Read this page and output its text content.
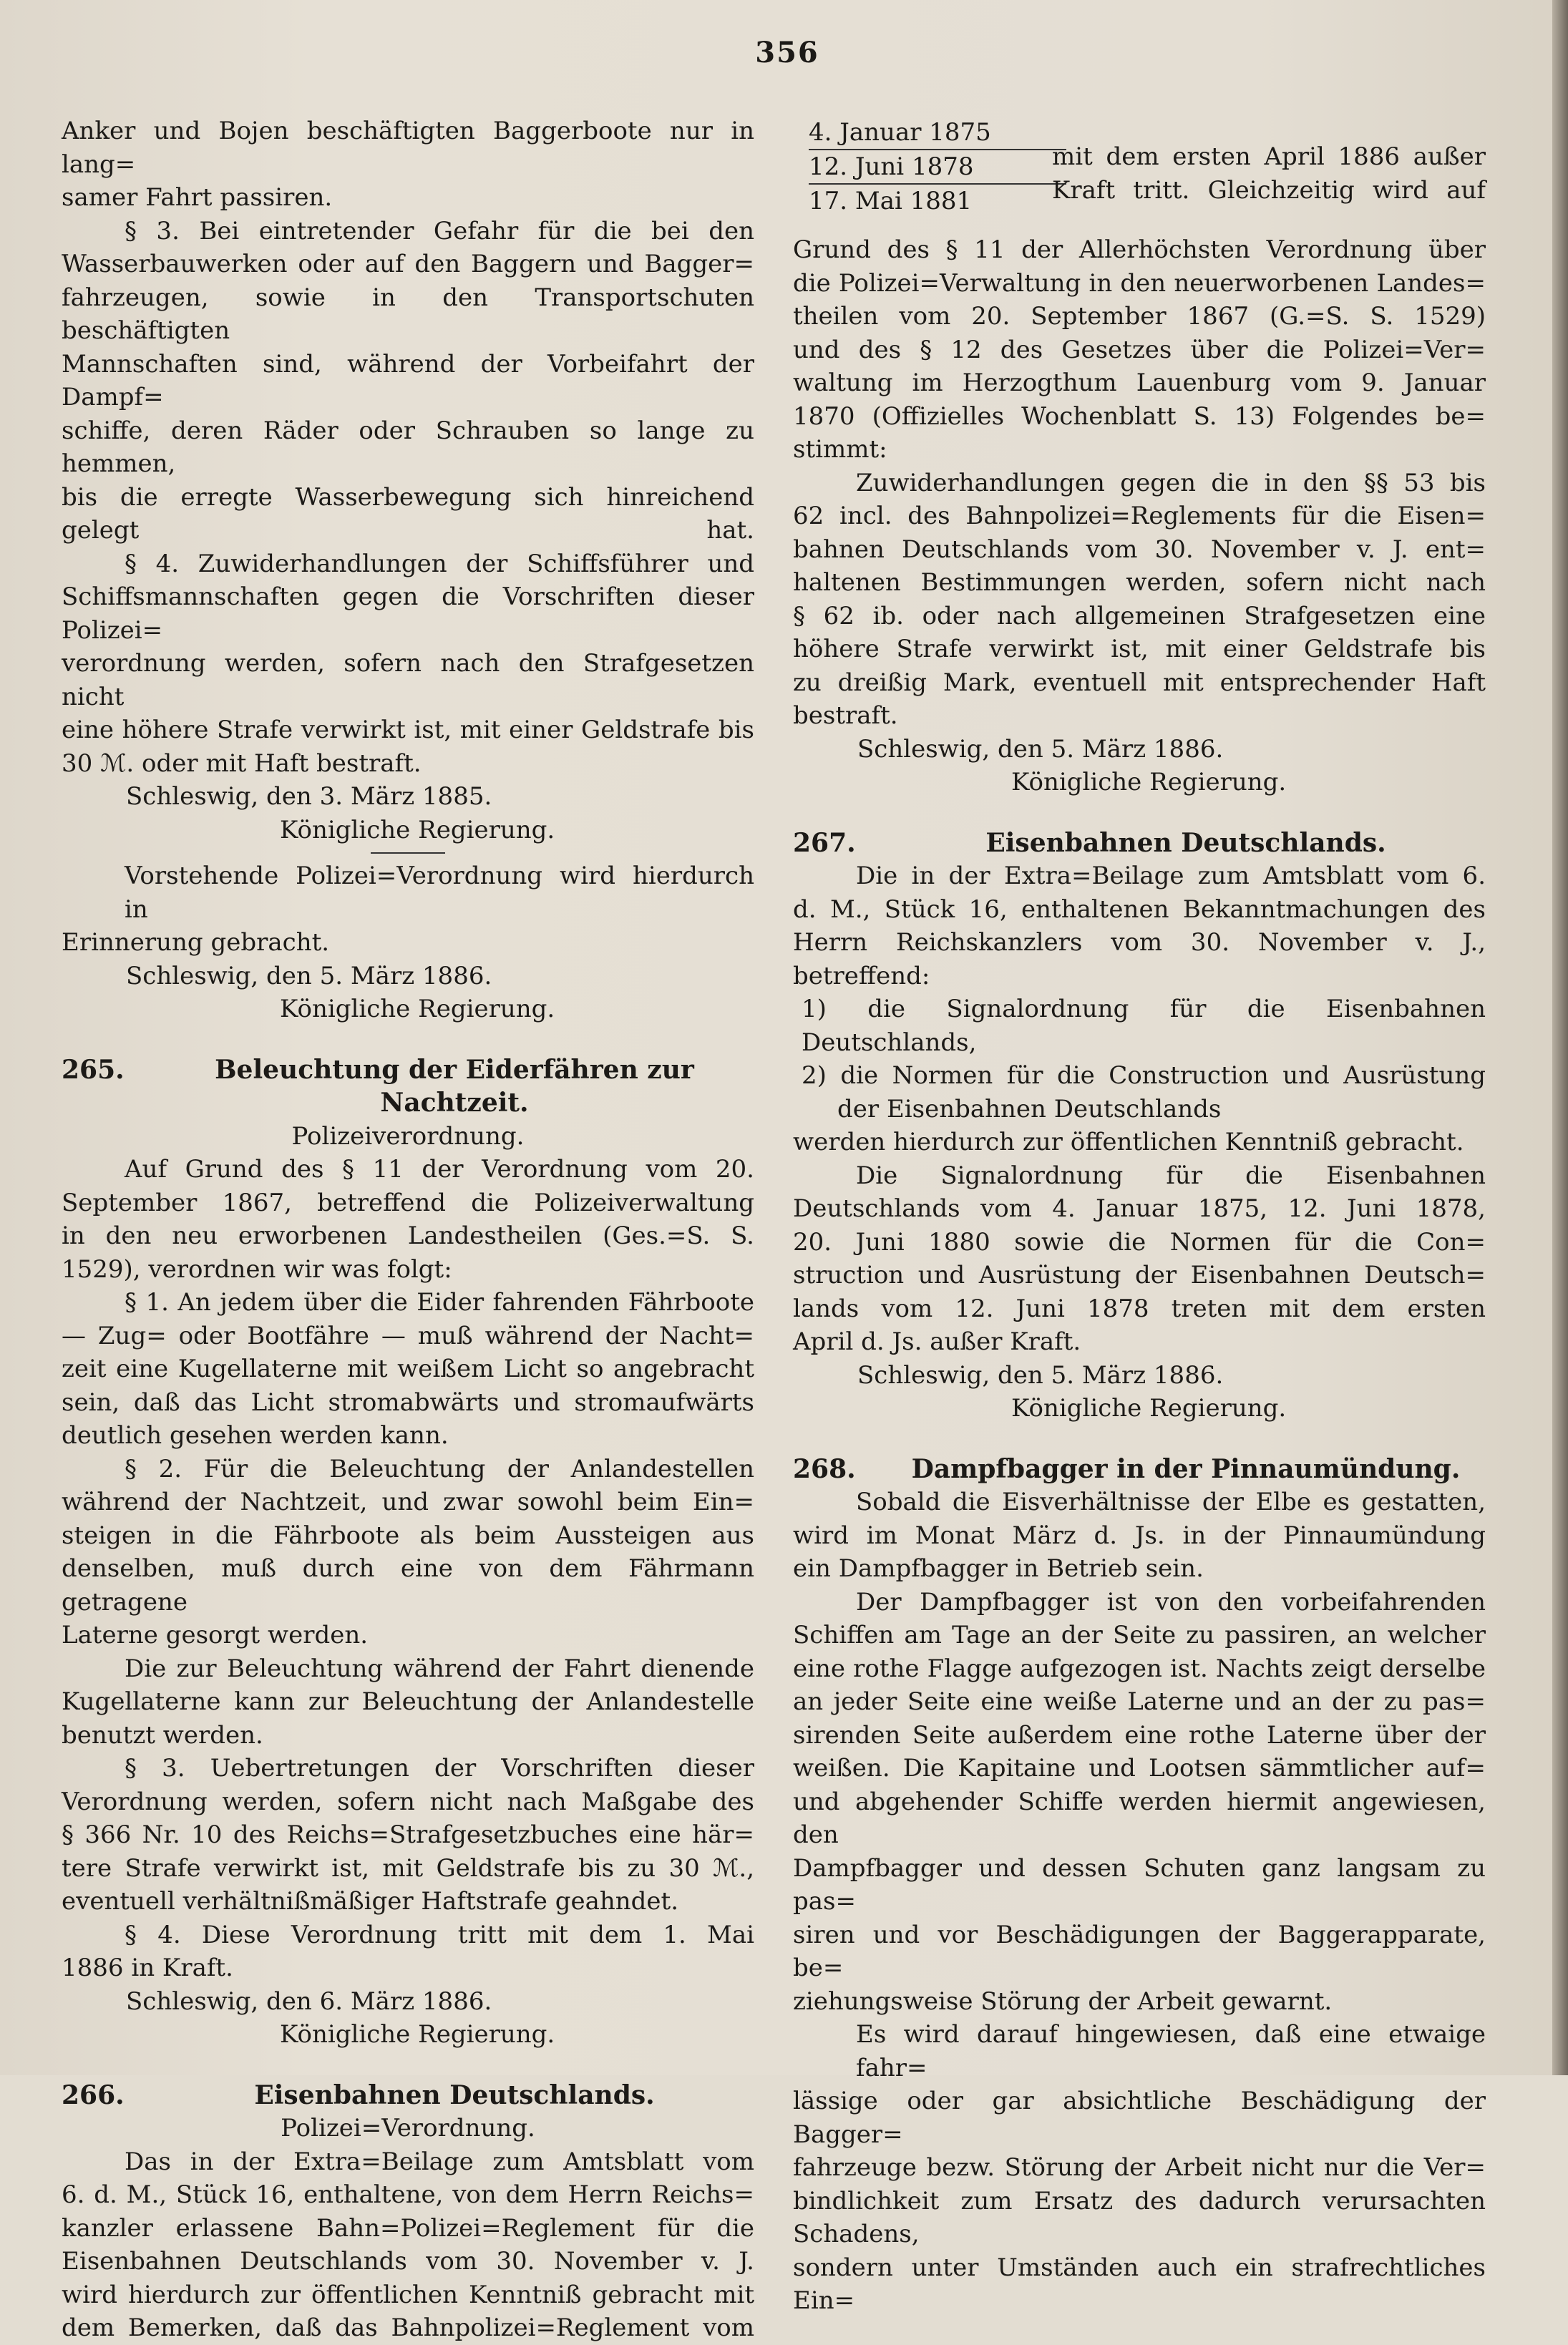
356
Anker und Bojen beschäftigten Baggerboote nur in lang=
samer Fahrt passiren.
§ 3. Bei eintretender Gefahr für die bei den
Wasserbauwerken oder auf den Baggern und Bagger=
fahrzeugen, sowie in den Transportschuten beschäftigten
Mannschaften sind, während der Vorbeifahrt der Dampf=
schiffe, deren Räder oder Schrauben so lange zu hemmen,
bis die erregte Wasserbewegung sich hinreichend gelegt hat.
§ 4. Zuwiderhandlungen der Schiffsführer und
Schiffsmannschaften gegen die Vorschriften dieser Polizei=
verordnung werden, sofern nach den Strafgesetzen nicht
eine höhere Strafe verwirkt ist, mit einer Geldstrafe bis
30 ℳ. oder mit Haft bestraft.
Schleswig, den 3. März 1885.
Königliche Regierung.
Vorstehende Polizei=Verordnung wird hierdurch in
Erinnerung gebracht.
Schleswig, den 5. März 1886.
Königliche Regierung.
265.	Beleuchtung der Eiderfähren zur Nachtzeit.
Polizeiverordnung.
Auf Grund des § 11 der Verordnung vom 20.
September 1867, betreffend die Polizeiverwaltung
in den neu erworbenen Landestheilen (Ges.=S. S.
1529), verordnen wir was folgt:
§ 1. An jedem über die Eider fahrenden Fährboote
— Zug= oder Bootfähre — muß während der Nacht=
zeit eine Kugellaterne mit weißem Licht so angebracht
sein, daß das Licht stromabwärts und stromaufwärts
deutlich gesehen werden kann.
§ 2. Für die Beleuchtung der Anlandestellen
während der Nachtzeit, und zwar sowohl beim Ein=
steigen in die Fährboote als beim Aussteigen aus
denselben, muß durch eine von dem Fährmann getragene
Laterne gesorgt werden.
Die zur Beleuchtung während der Fahrt dienende
Kugellaterne kann zur Beleuchtung der Anlandestelle
benutzt werden.
§ 3. Uebertretungen der Vorschriften dieser
Verordnung werden, sofern nicht nach Maßgabe des
§ 366 Nr. 10 des Reichs=Strafgesetzbuches eine här=
tere Strafe verwirkt ist, mit Geldstrafe bis zu 30 ℳ.,
eventuell verhältnißmäßiger Haftstrafe geahndet.
§ 4. Diese Verordnung tritt mit dem 1. Mai
1886 in Kraft.
Schleswig, den 6. März 1886.
Königliche Regierung.
266.	Eisenbahnen Deutschlands.
Polizei=Verordnung.
Das in der Extra=Beilage zum Amtsblatt vom
6. d. M., Stück 16, enthaltene, von dem Herrn Reichs=
kanzler erlassene Bahn=Polizei=Reglement für die
Eisenbahnen Deutschlands vom 30. November v. J.
wird hierdurch zur öffentlichen Kenntniß gebracht mit
dem Bemerken, daß das Bahnpolizei=Reglement vom
4. Januar 1875
12. Juni 1878
17. Mai 1881
mit dem ersten April 1886 außer
Kraft tritt. Gleichzeitig wird auf
Grund des § 11 der Allerhöchsten Verordnung über
die Polizei=Verwaltung in den neuerworbenen Landes=
theilen vom 20. September 1867 (G.=S. S. 1529)
und des § 12 des Gesetzes über die Polizei=Ver=
waltung im Herzogthum Lauenburg vom 9. Januar
1870 (Offizielles Wochenblatt S. 13) Folgendes be=
stimmt:
Zuwiderhandlungen gegen die in den §§ 53 bis
62 incl. des Bahnpolizei=Reglements für die Eisen=
bahnen Deutschlands vom 30. November v. J. ent=
haltenen Bestimmungen werden, sofern nicht nach
§ 62 ib. oder nach allgemeinen Strafgesetzen eine
höhere Strafe verwirkt ist, mit einer Geldstrafe bis
zu dreißig Mark, eventuell mit entsprechender Haft
bestraft.
Schleswig, den 5. März 1886.
Königliche Regierung.
267.	Eisenbahnen Deutschlands.
Die in der Extra=Beilage zum Amtsblatt vom 6.
d. M., Stück 16, enthaltenen Bekanntmachungen des
Herrn Reichskanzlers vom 30. November v. J.,
betreffend:
1) die Signalordnung für die Eisenbahnen Deutschlands,
2) die Normen für die Construction und Ausrüstung
der Eisenbahnen Deutschlands
werden hierdurch zur öffentlichen Kenntniß gebracht.
Die Signalordnung für die Eisenbahnen
Deutschlands vom 4. Januar 1875, 12. Juni 1878,
20. Juni 1880 sowie die Normen für die Con=
struction und Ausrüstung der Eisenbahnen Deutsch=
lands vom 12. Juni 1878 treten mit dem ersten
April d. Js. außer Kraft.
Schleswig, den 5. März 1886.
Königliche Regierung.
268.	Dampfbagger in der Pinnaumündung.
Sobald die Eisverhältnisse der Elbe es gestatten,
wird im Monat März d. Js. in der Pinnaumündung
ein Dampfbagger in Betrieb sein.
Der Dampfbagger ist von den vorbeifahrenden
Schiffen am Tage an der Seite zu passiren, an welcher
eine rothe Flagge aufgezogen ist. Nachts zeigt derselbe
an jeder Seite eine weiße Laterne und an der zu pas=
sirenden Seite außerdem eine rothe Laterne über der
weißen. Die Kapitaine und Lootsen sämmtlicher auf=
und abgehender Schiffe werden hiermit angewiesen, den
Dampfbagger und dessen Schuten ganz langsam zu pas=
siren und vor Beschädigungen der Baggerapparate, be=
ziehungsweise Störung der Arbeit gewarnt.
Es wird darauf hingewiesen, daß eine etwaige fahr=
lässige oder gar absichtliche Beschädigung der Bagger=
fahrzeuge bezw. Störung der Arbeit nicht nur die Ver=
bindlichkeit zum Ersatz des dadurch verursachten Schadens,
sondern unter Umständen auch ein strafrechtliches Ein=
